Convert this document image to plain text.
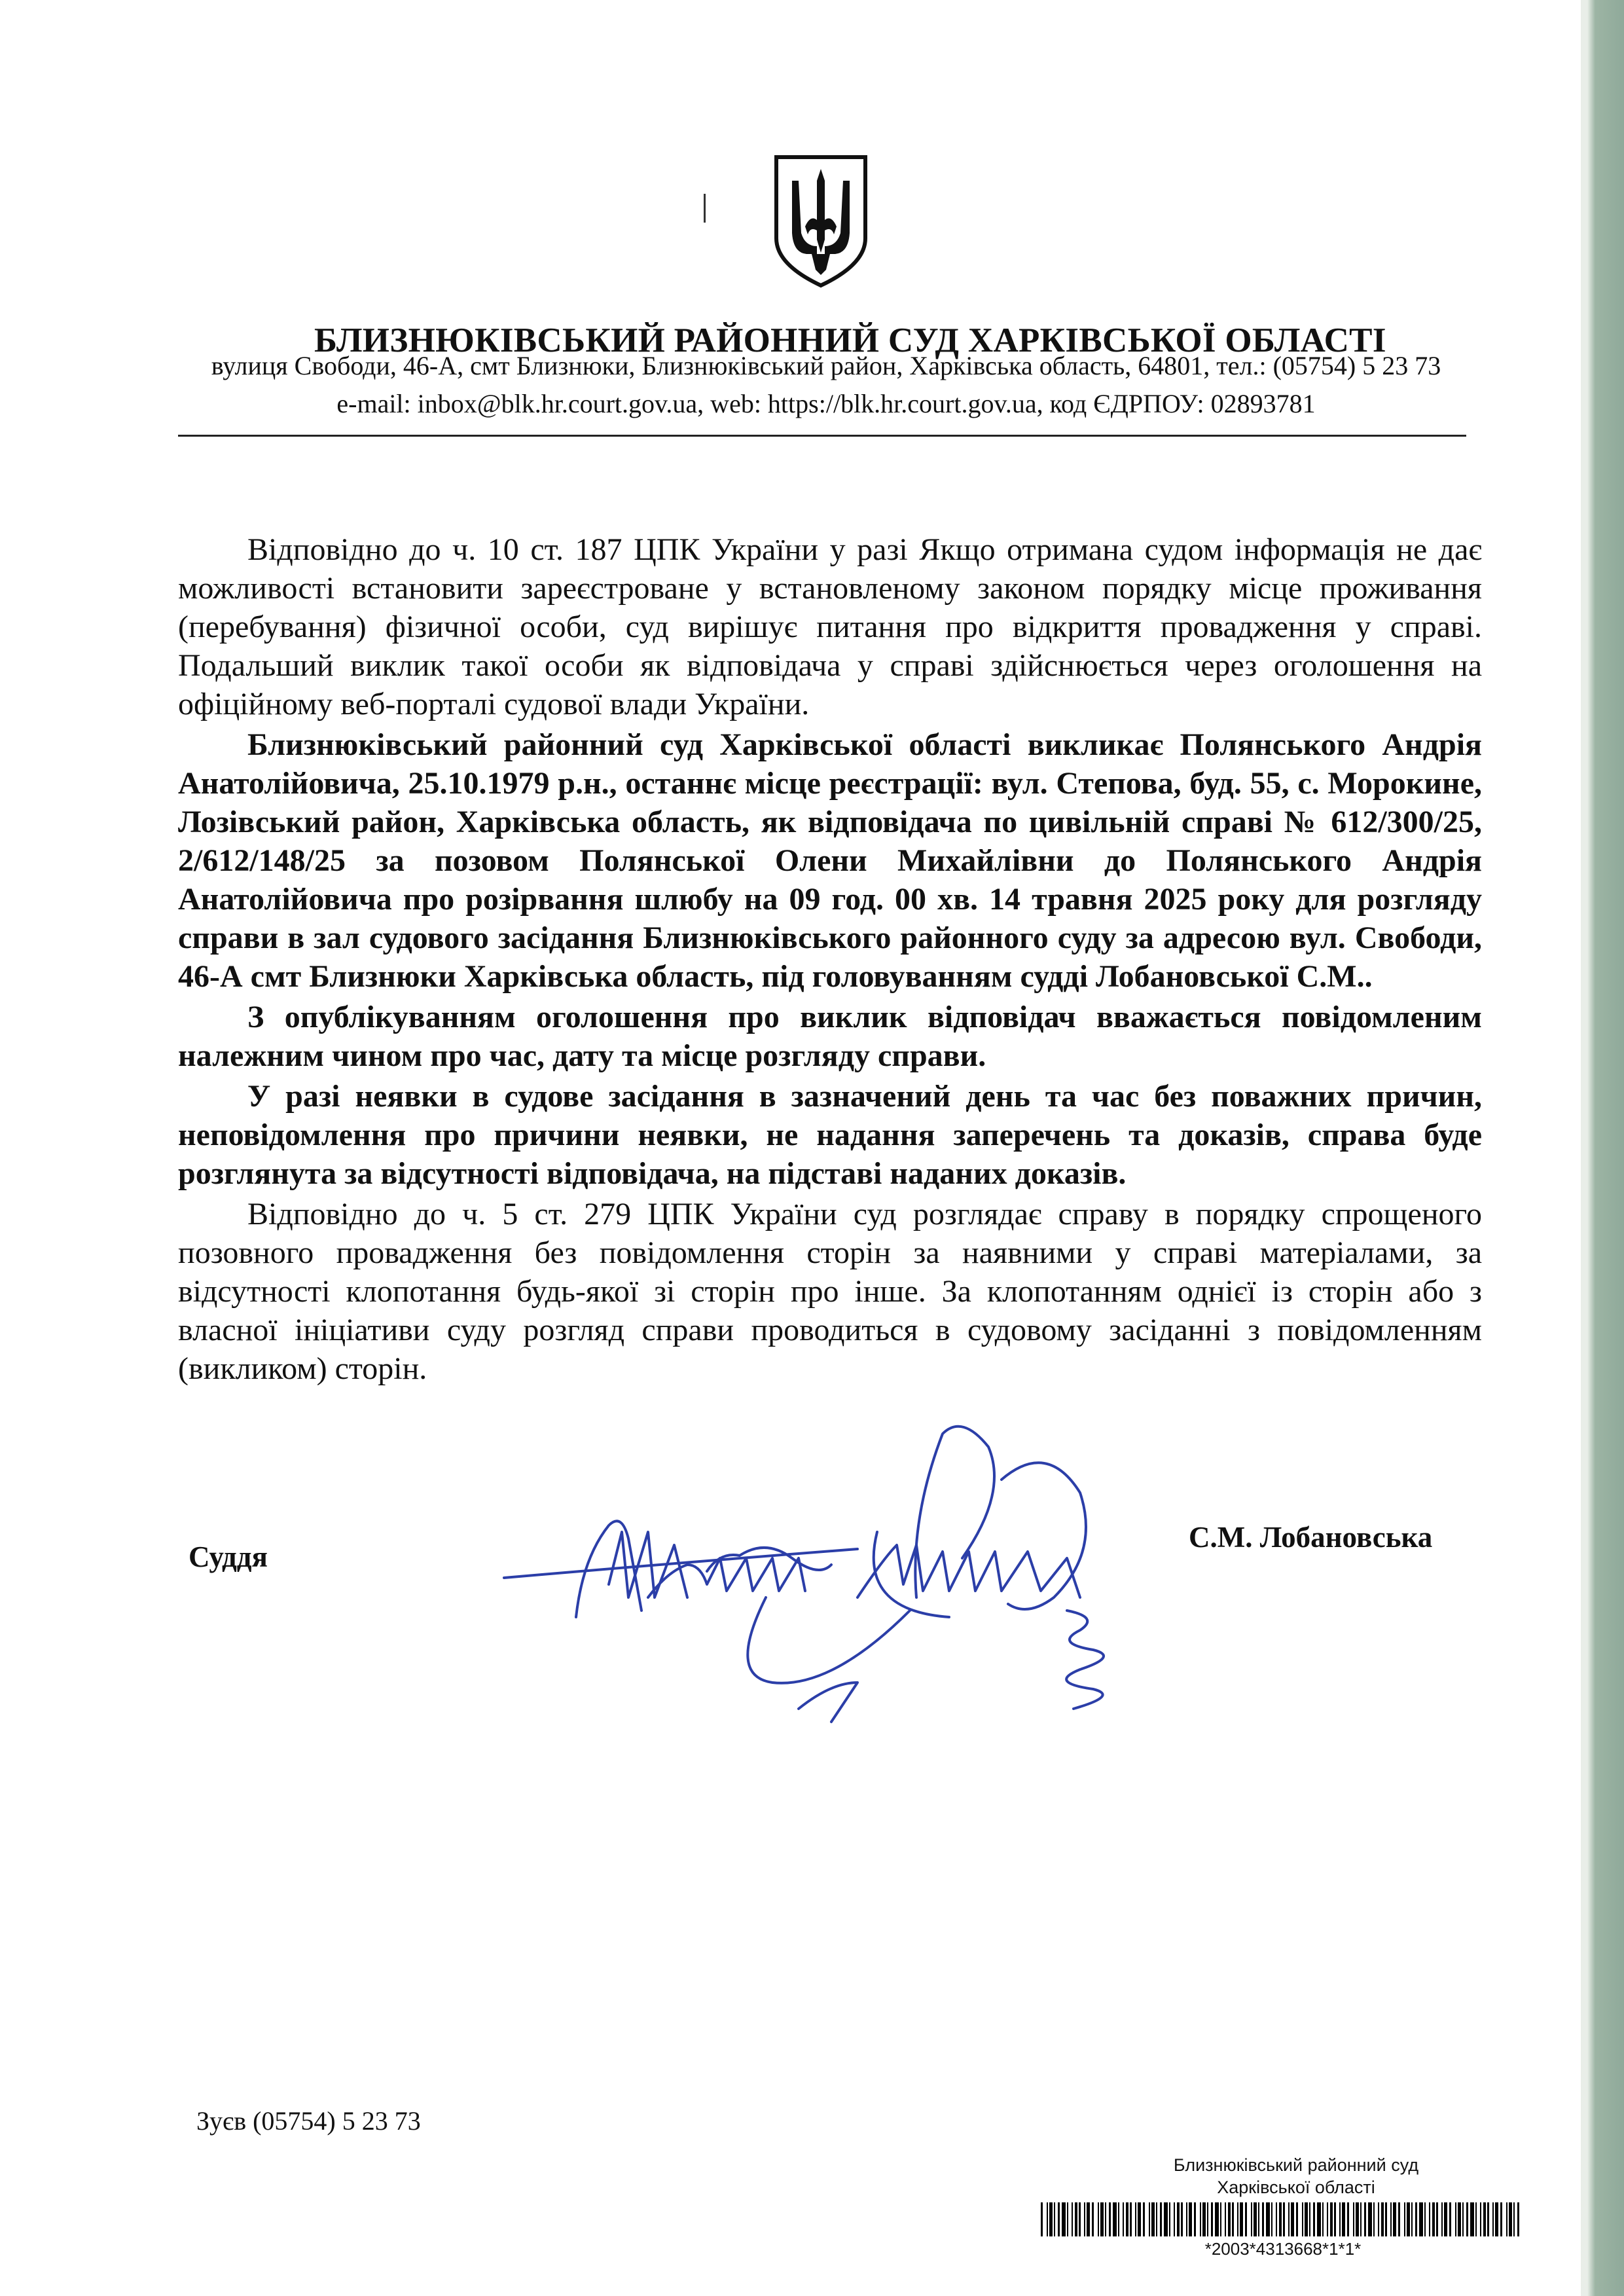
БЛИЗНЮКІВСЬКИЙ РАЙОННИЙ СУД ХАРКІВСЬКОЇ ОБЛАСТІ
вулиця Свободи, 46-А, смт Близнюки, Близнюківський район, Харківська область, 64801, тел.: (05754) 5 23 73
e-mail: inbox@blk.hr.court.gov.ua, web: https://blk.hr.court.gov.ua, код ЄДРПОУ: 02893781

Відповідно до ч. 10 ст. 187 ЦПК України у разі Якщо отримана судом інформація не дає можливості встановити зареєстроване у встановленому законом порядку місце проживання (перебування) фізичної особи, суд вирішує питання про відкриття провадження у справі. Подальший виклик такої особи як відповідача у справі здійснюється через оголошення на офіційному веб-порталі судової влади України.

Близнюківський районний суд Харківської області викликає Полянського Андрія Анатолійовича, 25.10.1979 р.н., останнє місце реєстрації: вул. Степова, буд. 55, с. Морокине, Лозівський район, Харківська область, як відповідача по цивільній справі № 612/300/25, 2/612/148/25 за позовом Полянської Олени Михайлівни до Полянського Андрія Анатолійовича про розірвання шлюбу на 09 год. 00 хв. 14 травня 2025 року для розгляду справи в зал судового засідання Близнюківського районного суду за адресою вул. Свободи, 46-А смт Близнюки Харківська область, під головуванням судді Лобановської С.М..

З опублікуванням оголошення про виклик відповідач вважається повідомленим належним чином про час, дату та місце розгляду справи.

У разі неявки в судове засідання в зазначений день та час без поважних причин, неповідомлення про причини неявки, не надання заперечень та доказів, справа буде розглянута за відсутності відповідача, на підставі наданих доказів.

Відповідно до ч. 5 ст. 279 ЦПК України суд розглядає справу в порядку спрощеного позовного провадження без повідомлення сторін за наявними у справі матеріалами, за відсутності клопотання будь-якої зі сторін про інше. За клопотанням однієї із сторін або з власної ініціативи суду розгляд справи проводиться в судовому засіданні з повідомленням (викликом) сторін.

Суддя
С.М. Лобановська
Зуєв (05754) 5 23 73
Близнюківський районний суд
Харківської області
*2003*4313668*1*1*
